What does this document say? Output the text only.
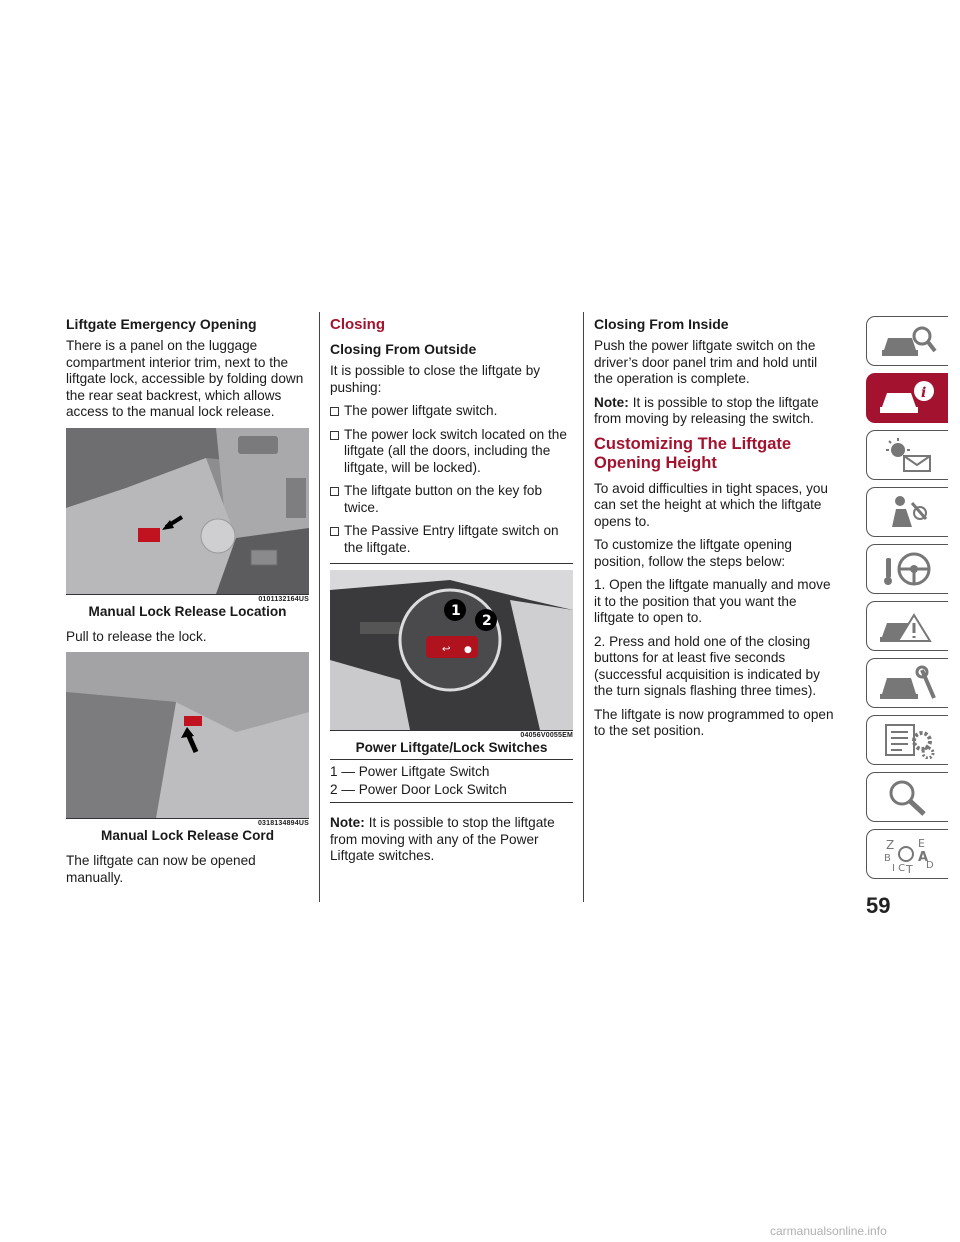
Liftgate Emergency Opening

There is a panel on the luggage compartment interior trim, next to the liftgate lock, accessible by folding down the rear seat backrest, which allows access to the manual lock release.

0101132164US
Manual Lock Release Location

Pull to release the lock.

0318134894US
Manual Lock Release Cord

The liftgate can now be opened manually.

Closing
Closing From Outside

It is possible to close the liftgate by pushing:

The power liftgate switch.

The power lock switch located on the liftgate (all the doors, including the liftgate, will be locked).

The liftgate button on the key fob twice.

The Passive Entry liftgate switch on the liftgate.

↩ ●
1
2
04056V0055EM
Power Liftgate/Lock Switches
1 — Power Liftgate Switch
2 — Power Door Lock Switch

Note: It is possible to stop the liftgate from moving with any of the Power Liftgate switches.

Closing From Inside

Push the power liftgate switch on the driver’s door panel trim and hold until the operation is complete.

Note: It is possible to stop the liftgate from moving by releasing the switch.

Customizing The Liftgate Opening Height

To avoid difficulties in tight spaces, you can set the height at which the liftgate opens to.

To customize the liftgate opening position, follow the steps below:

1. Open the liftgate manually and move it to the position that you want the liftgate to open to.

2. Press and hold one of the closing buttons for at least five seconds (successful acquisition is indicated by the turn signals flashing three times).

The liftgate is now programmed to open to the set position.

i
Z E
B A
I C D
T
59
carmanualsonline.info
